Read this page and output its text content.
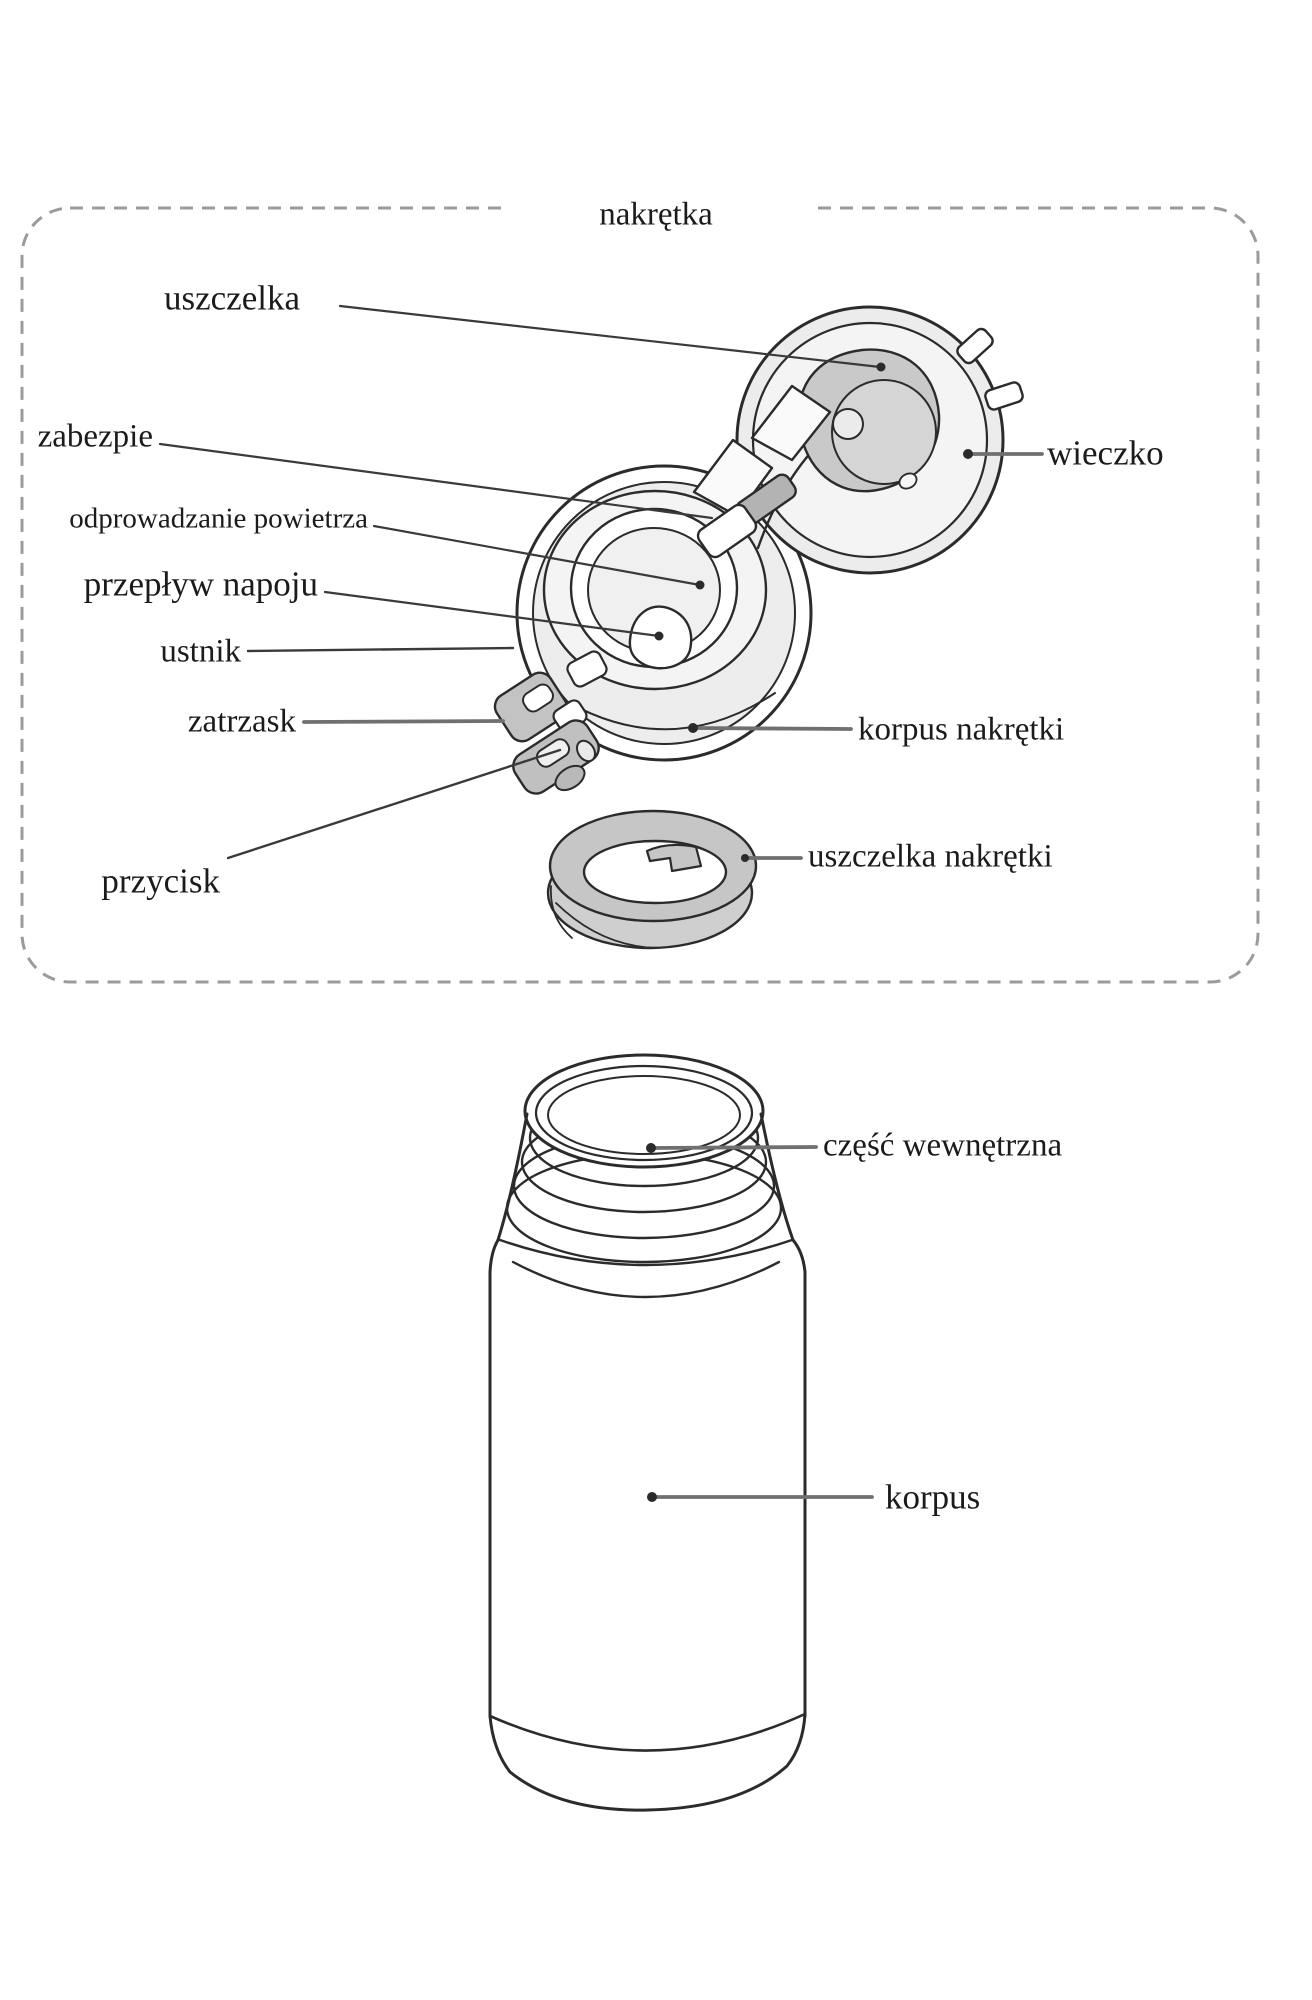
nakrętka
uszczelka
zabezpie
odprowadzanie powietrza
przepływ napoju
ustnik
zatrzask
przycisk
wieczko
korpus nakrętki
uszczelka nakrętki
część wewnętrzna
korpus
